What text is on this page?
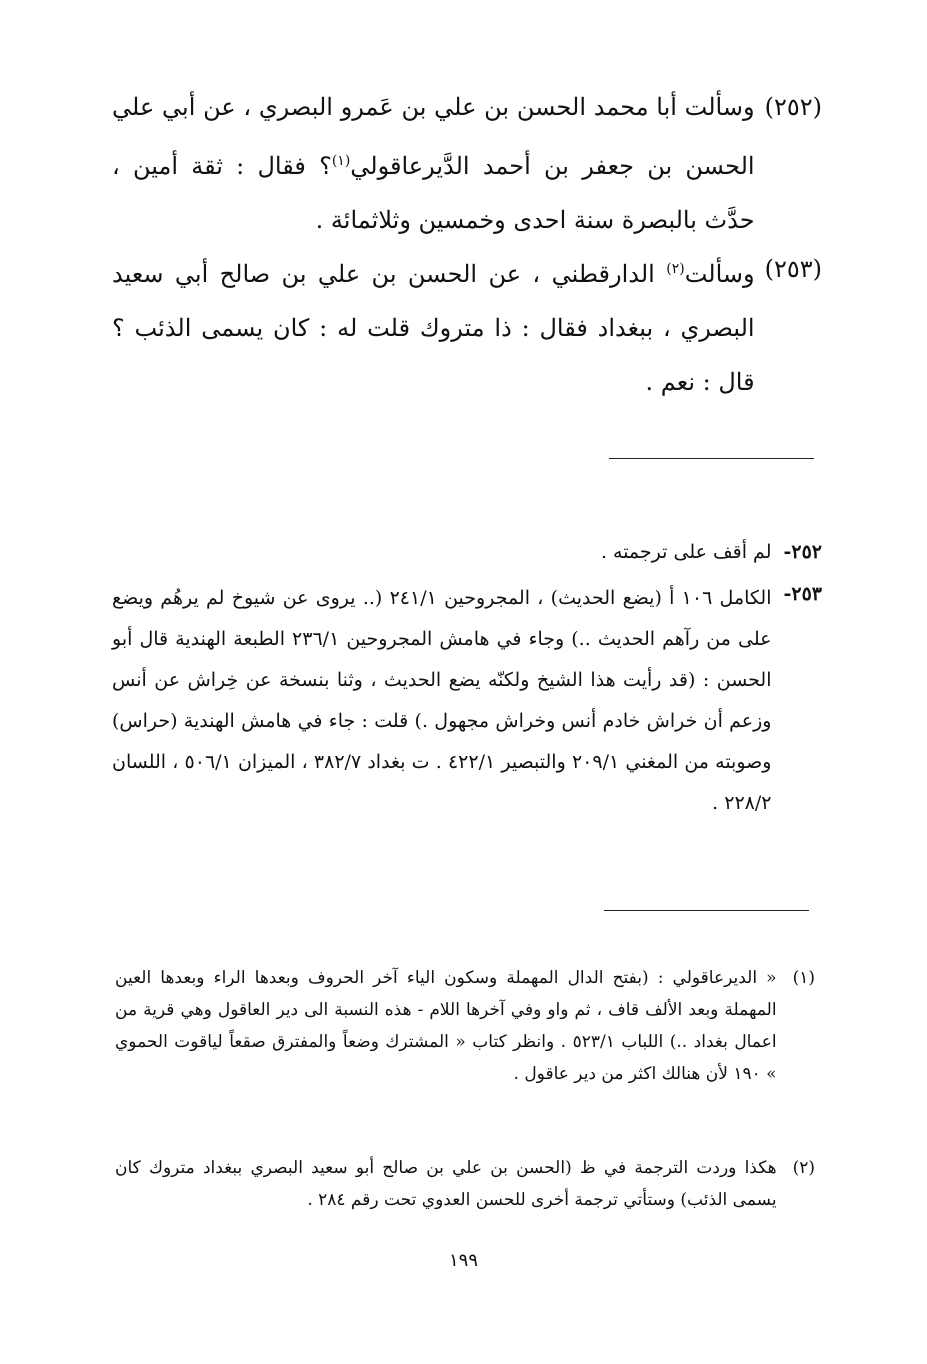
(٢٥٢)
وسألت أبا محمد الحسن بن علي بن عَمرو البصري ، عن أبي علي الحسن بن جعفر بن أحمد الدَّيرعاقولي$^{(١)}$؟ فقال : ثقة أمين ، حدَّث بالبصرة سنة احدى وخمسين وثلاثمائة .
(٢٥٣)
وسألت$^{(٢)}$ الدارقطني ، عن الحسن بن علي بن صالح أبي سعيد البصري ، ببغداد فقال : ذا متروك قلت له : كان يسمى الذئب ؟ قال : نعم .
٢٥٢-
لم أقف على ترجمته .
٢٥٣-
الكامل ١٠٦ أ (يضع الحديث) ، المجروحين ٢٤١/١ (.. يروى عن شيوخ لم يرهُم ويضع على من رآهم الحديث ..) وجاء في هامش المجروحين ٢٣٦/١ الطبعة الهندية قال أبو الحسن : (قد رأيت هذا الشيخ ولكنّه يضع الحديث ، وثنا بنسخة عن خِراش عن أنس وزعم أن خراش خادم أنس وخراش مجهول .) قلت : جاء في هامش الهندية (حراس) وصوبته من المغني ٢٠٩/١ والتبصير ٤٢٢/١ . ت بغداد ٣٨٢/٧ ، الميزان ٥٠٦/١ ، اللسان ٢٢٨/٢ .
(١)
« الديرعاقولي : (بفتح الدال المهملة وسكون الياء آخر الحروف وبعدها الراء وبعدها العين المهملة وبعد الألف قاف ، ثم واو وفي آخرها اللام - هذه النسبة الى دير العاقول وهي قرية من اعمال بغداد ..) اللباب ٥٢٣/١ . وانظر كتاب « المشترك وضعاً والمفترق صقعاً لياقوت الحموي » ١٩٠ لأن هنالك اكثر من دير عاقول .
(٢)
هكذا وردت الترجمة في ظ (الحسن بن علي بن صالح أبو سعيد البصري ببغداد متروك كان يسمى الذئب) وستأتي ترجمة أخرى للحسن العدوي تحت رقم ٢٨٤ .
١٩٩
